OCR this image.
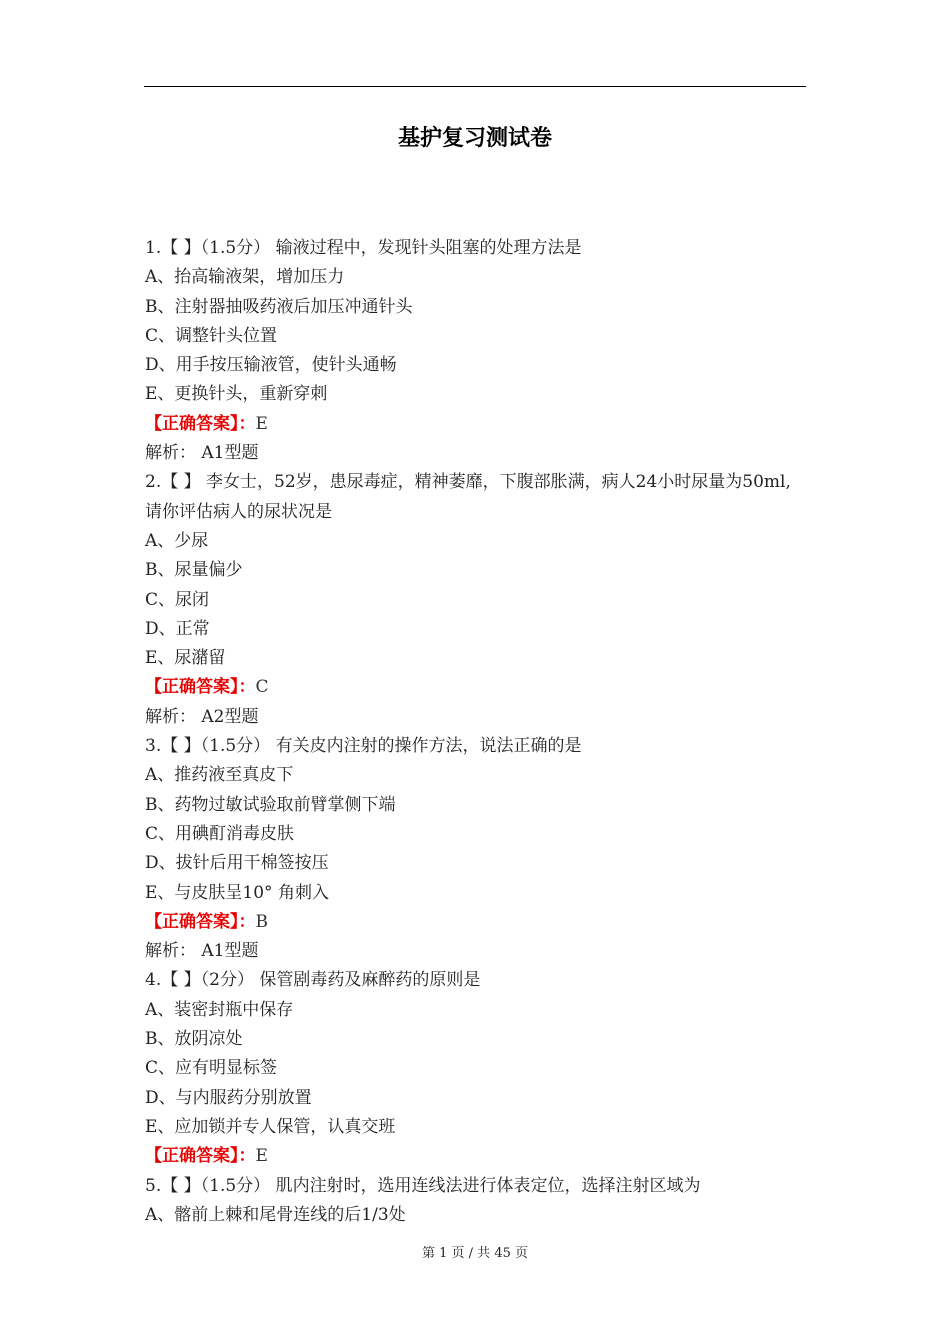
基护复习测试卷
1.【 】（1.5分） 输液过程中，发现针头阻塞的处理方法是
A、抬高输液架，增加压力
B、注射器抽吸药液后加压冲通针头
C、调整针头位置
D、用手按压输液管，使针头通畅
E、更换针头，重新穿刺
【正确答案】：E
解析： A1型题
2.【 】 李女士，52岁，患尿毒症，精神萎靡，下腹部胀满，病人24小时尿量为50ml,请你评估病人的尿状况是
A、少尿
B、尿量偏少
C、尿闭
D、正常
E、尿潴留
【正确答案】：C
解析： A2型题
3.【 】（1.5分） 有关皮内注射的操作方法，说法正确的是
A、推药液至真皮下
B、药物过敏试验取前臂掌侧下端
C、用碘酊消毒皮肤
D、拔针后用干棉签按压
E、与皮肤呈10° 角刺入
【正确答案】：B
解析： A1型题
4.【 】（2分） 保管剧毒药及麻醉药的原则是
A、装密封瓶中保存
B、放阴凉处
C、应有明显标签
D、与内服药分别放置
E、应加锁并专人保管，认真交班
【正确答案】：E
5.【 】（1.5分） 肌内注射时，选用连线法进行体表定位，选择注射区域为
A、髂前上棘和尾骨连线的后1/3处
第 1 页 / 共 45 页
